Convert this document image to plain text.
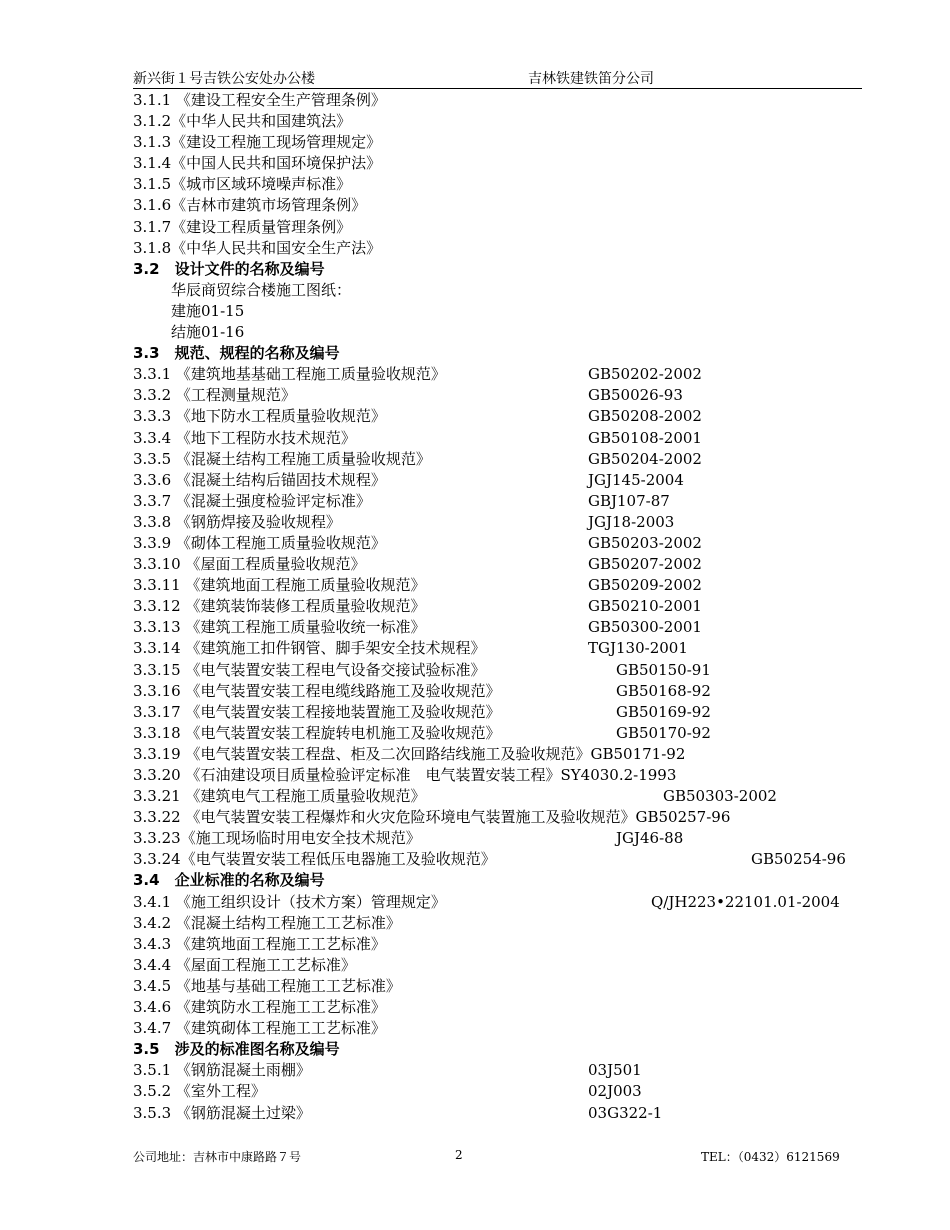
新兴街１号吉铁公安处办公楼	吉林铁建铁笛分公司
3.1.1 《建设工程安全生产管理条例》
3.1.2《中华人民共和国建筑法》
3.1.3《建设工程施工现场管理规定》
3.1.4《中国人民共和国环境保护法》
3.1.5《城市区域环境噪声标准》
3.1.6《吉林市建筑市场管理条例》
3.1.7《建设工程质量管理条例》
3.1.8《中华人民共和国安全生产法》
3.2　设计文件的名称及编号
华辰商贸综合楼施工图纸：
建施01-15
结施01-16
3.3　规范、规程的名称及编号
3.3.1 《建筑地基基础工程施工质量验收规范》	GB50202-2002
3.3.2 《工程测量规范》	GB50026-93
3.3.3 《地下防水工程质量验收规范》	GB50208-2002
3.3.4 《地下工程防水技术规范》	GB50108-2001
3.3.5 《混凝土结构工程施工质量验收规范》	GB50204-2002
3.3.6 《混凝土结构后锚固技术规程》	JGJ145-2004
3.3.7 《混凝土强度检验评定标准》	GBJ107-87
3.3.8 《钢筋焊接及验收规程》	JGJ18-2003
3.3.9 《砌体工程施工质量验收规范》	GB50203-2002
3.3.10 《屋面工程质量验收规范》	GB50207-2002
3.3.11 《建筑地面工程施工质量验收规范》	GB50209-2002
3.3.12 《建筑装饰装修工程质量验收规范》	GB50210-2001
3.3.13 《建筑工程施工质量验收统一标准》	GB50300-2001
3.3.14 《建筑施工扣件钢管、脚手架安全技术规程》	TGJ130-2001
3.3.15 《电气装置安装工程电气设备交接试验标准》	GB50150-91
3.3.16 《电气装置安装工程电缆线路施工及验收规范》	GB50168-92
3.3.17 《电气装置安装工程接地装置施工及验收规范》	GB50169-92
3.3.18 《电气装置安装工程旋转电机施工及验收规范》	GB50170-92
3.3.19 《电气装置安装工程盘、柜及二次回路结线施工及验收规范》GB50171-92
3.3.20 《石油建设项目质量检验评定标准　电气装置安装工程》SY4030.2-1993
3.3.21 《建筑电气工程施工质量验收规范》	GB50303-2002
3.3.22 《电气装置安装工程爆炸和火灾危险环境电气装置施工及验收规范》GB50257-96
3.3.23《施工现场临时用电安全技术规范》	JGJ46-88
3.3.24《电气装置安装工程低压电器施工及验收规范》	GB50254-96
3.4　企业标准的名称及编号
3.4.1 《施工组织设计（技术方案）管理规定》	Q/JH223•22101.01-2004
3.4.2 《混凝土结构工程施工工艺标准》
3.4.3 《建筑地面工程施工工艺标准》
3.4.4 《屋面工程施工工艺标准》
3.4.5 《地基与基础工程施工工艺标准》
3.4.6 《建筑防水工程施工工艺标准》
3.4.7 《建筑砌体工程施工工艺标准》
3.5　涉及的标准图名称及编号
3.5.1 《钢筋混凝土雨棚》	03J501
3.5.2 《室外工程》	02J003
3.5.3 《钢筋混凝土过梁》	03G322-1
公司地址：吉林市中康路路７号	2	TEL：（0432）6121569
